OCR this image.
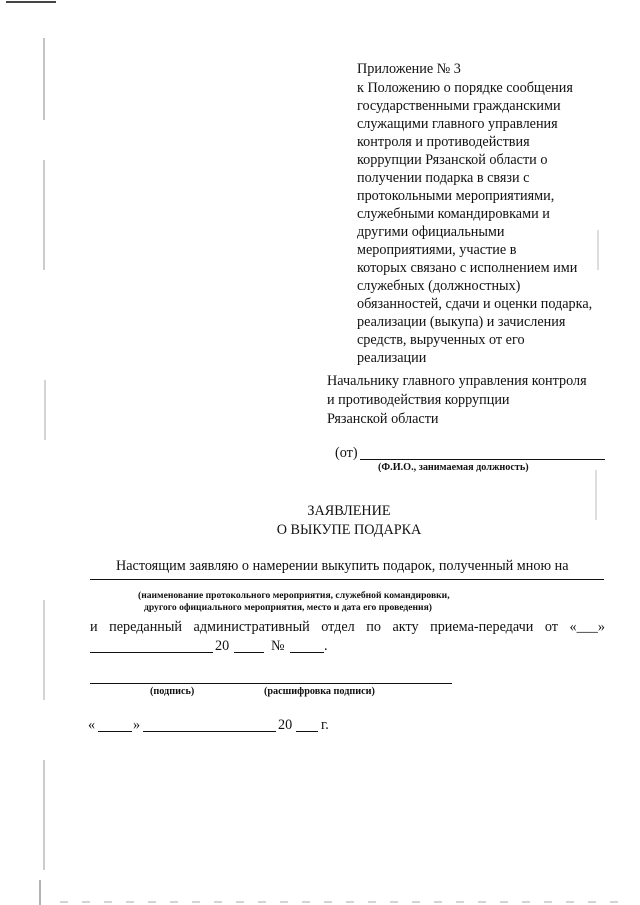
Приложение № 3
к Положению о порядке сообщения
государственными гражданскими
служащими главного управления
контроля и противодействия
коррупции Рязанской области о
получении подарка в связи с
протокольными мероприятиями,
служебными командировками и
другими официальными
мероприятиями, участие в
которых связано с исполнением ими
служебных (должностных)
обязанностей, сдачи и оценки подарка,
реализации (выкупа) и зачисления
средств, вырученных от его
реализации
Начальнику главного управления контроля
и противодействия коррупции
Рязанской области
(от)
(Ф.И.О., занимаемая должность)
ЗАЯВЛЕНИЕ
О ВЫКУПЕ ПОДАРКА
Настоящим заявляю о намерении выкупить подарок, полученный мною на
(наименование протокольного мероприятия, служебной командировки,
другого официального мероприятия, место и дата его проведения)
и переданный административный отдел по акту приема-передачи от «___»
20	№	.
(подпись)	(расшифровка подписи)
«	»	20 г.
